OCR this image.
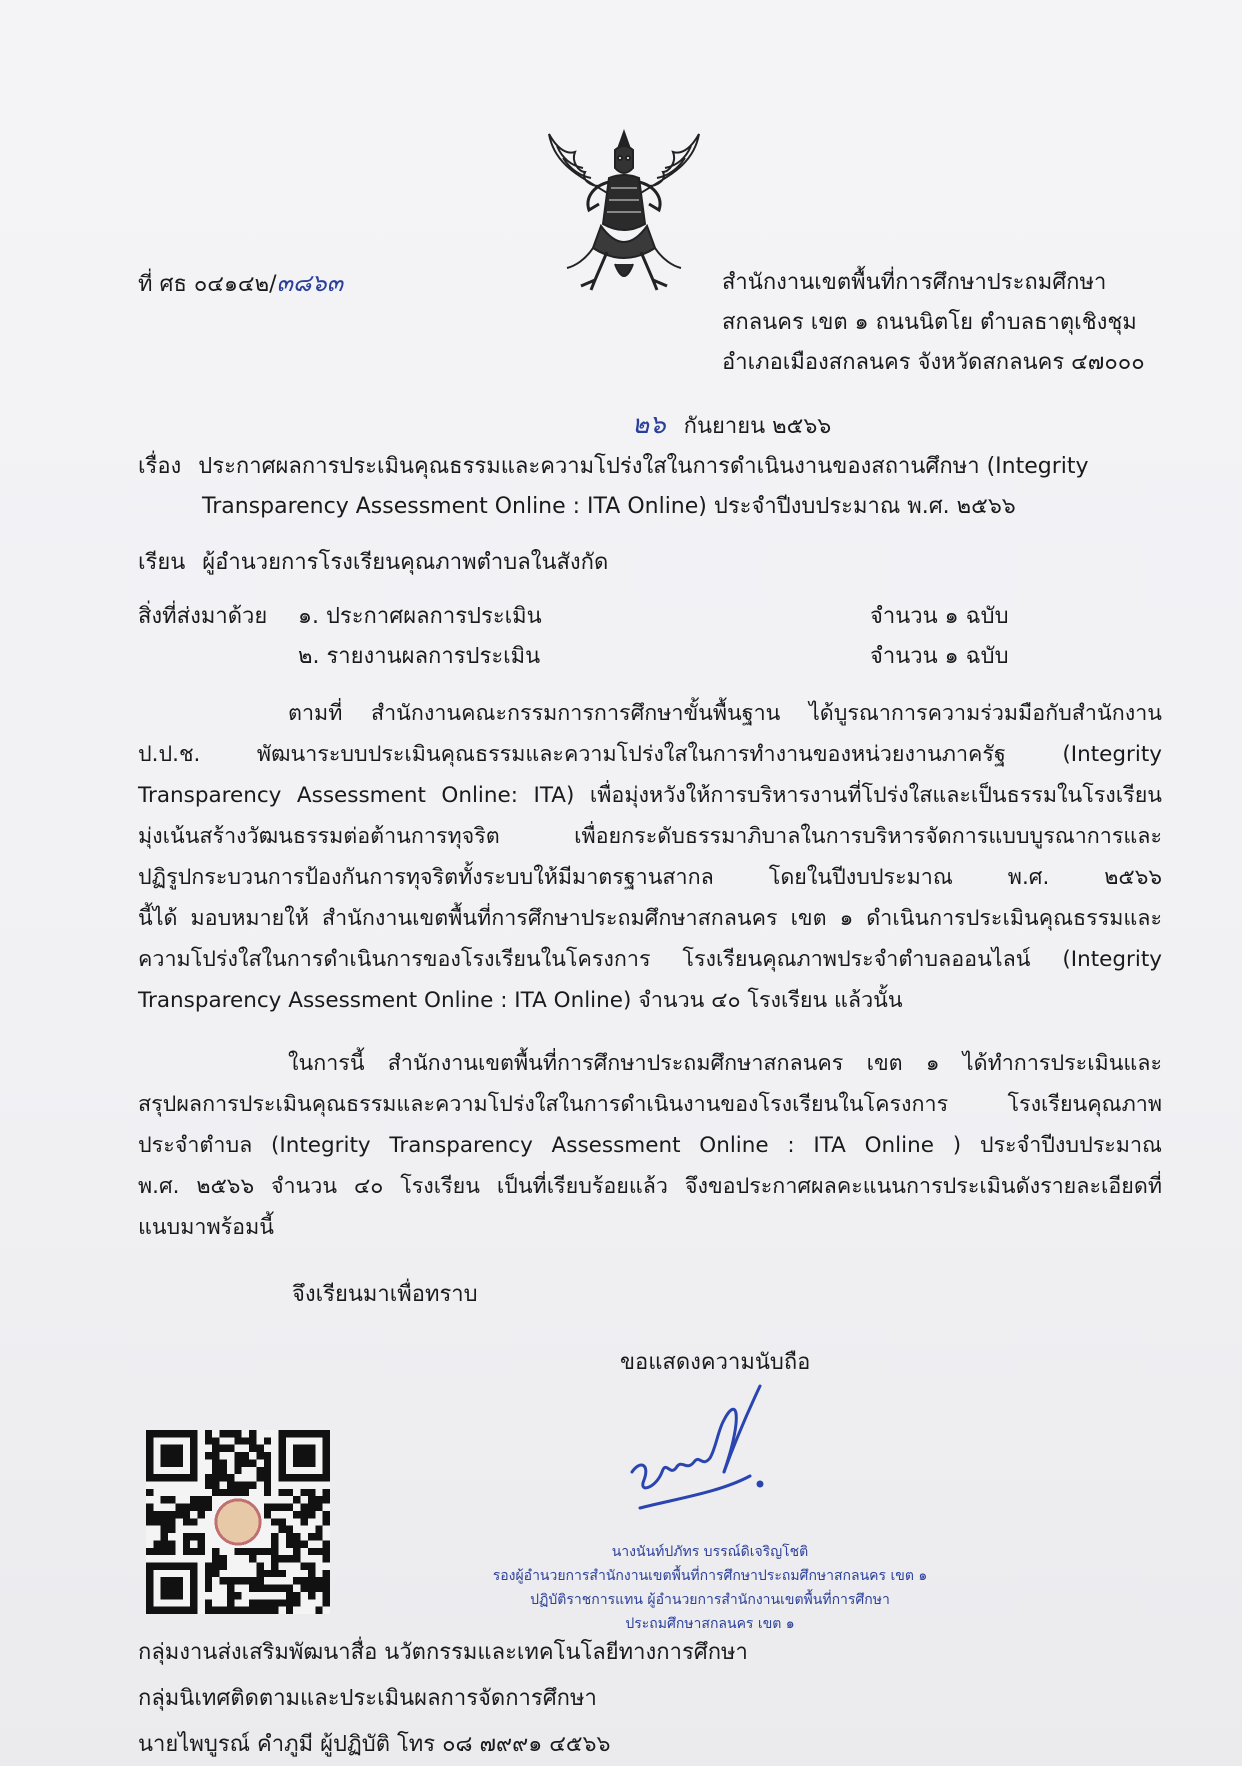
ที่ ศธ ๐๔๑๔๒/๓๘๖๓	สำนักงานเขตพื้นที่การศึกษาประถมศึกษา
สกลนคร เขต ๑ ถนนนิตโย ตำบลธาตุเชิงชุม
อำเภอเมืองสกลนคร จังหวัดสกลนคร ๔๗๐๐๐
๒๖ กันยายน ๒๕๖๖
เรื่อง ประกาศผลการประเมินคุณธรรมและความโปร่งใสในการดำเนินงานของสถานศึกษา (Integrity
Transparency Assessment Online : ITA Online) ประจำปีงบประมาณ พ.ศ. ๒๕๖๖
เรียน ผู้อำนวยการโรงเรียนคุณภาพตำบลในสังกัด
สิ่งที่ส่งมาด้วย ๑. ประกาศผลการประเมิน	จำนวน ๑ ฉบับ
๒. รายงานผลการประเมิน	จำนวน ๑ ฉบับ
ตามที่ สำนักงานคณะกรรมการการศึกษาขั้นพื้นฐาน ได้บูรณาการความร่วมมือกับสำนักงาน
ป.ป.ช. พัฒนาระบบประเมินคุณธรรมและความโปร่งใสในการทำงานของหน่วยงานภาครัฐ (Integrity
Transparency Assessment Online: ITA) เพื่อมุ่งหวังให้การบริหารงานที่โปร่งใสและเป็นธรรมในโรงเรียน
มุ่งเน้นสร้างวัฒนธรรมต่อต้านการทุจริต เพื่อยกระดับธรรมาภิบาลในการบริหารจัดการแบบบูรณาการและ
ปฏิรูปกระบวนการป้องกันการทุจริตทั้งระบบให้มีมาตรฐานสากล โดยในปีงบประมาณ พ.ศ. ๒๕๖๖
นี้ได้ มอบหมายให้ สำนักงานเขตพื้นที่การศึกษาประถมศึกษาสกลนคร เขต ๑ ดำเนินการประเมินคุณธรรมและ
ความโปร่งใสในการดำเนินการของโรงเรียนในโครงการ โรงเรียนคุณภาพประจำตำบลออนไลน์ (Integrity
Transparency Assessment Online : ITA Online) จำนวน ๔๐ โรงเรียน แล้วนั้น
ในการนี้ สำนักงานเขตพื้นที่การศึกษาประถมศึกษาสกลนคร เขต ๑ ได้ทำการประเมินและ
สรุปผลการประเมินคุณธรรมและความโปร่งใสในการดำเนินงานของโรงเรียนในโครงการ โรงเรียนคุณภาพ
ประจำตำบล (Integrity Transparency Assessment Online : ITA Online ) ประจำปีงบประมาณ
พ.ศ. ๒๕๖๖ จำนวน ๔๐ โรงเรียน เป็นที่เรียบร้อยแล้ว จึงขอประกาศผลคะแนนการประเมินดังรายละเอียดที่
แนบมาพร้อมนี้
จึงเรียนมาเพื่อทราบ
ขอแสดงความนับถือ
นางนันท์ปภัทร บรรณ์ดิเจริญโชติ
รองผู้อำนวยการสำนักงานเขตพื้นที่การศึกษาประถมศึกษาสกลนคร เขต ๑
ปฏิบัติราชการแทน ผู้อำนวยการสำนักงานเขตพื้นที่การศึกษา
ประถมศึกษาสกลนคร เขต ๑
กลุ่มงานส่งเสริมพัฒนาสื่อ นวัตกรรมและเทคโนโลยีทางการศึกษา
กลุ่มนิเทศติดตามและประเมินผลการจัดการศึกษา
นายไพบูรณ์ คำภูมี ผู้ปฏิบัติ โทร ๐๘ ๗๙๙๑ ๔๕๖๖
